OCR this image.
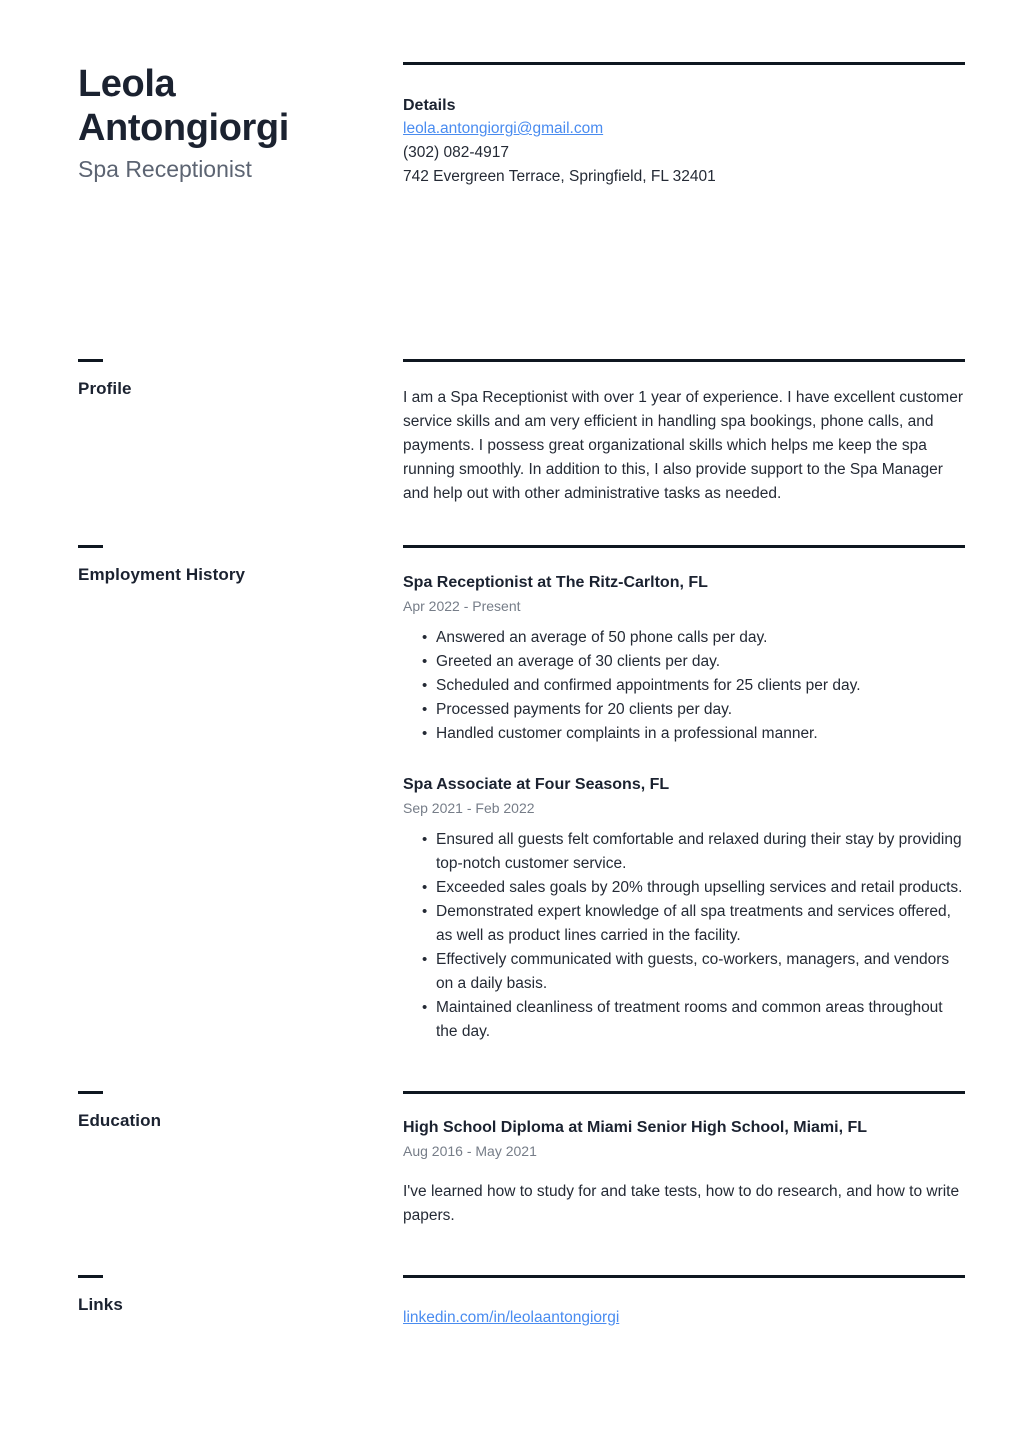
Leola
Antongiorgi
Spa Receptionist
Details
leola.antongiorgi@gmail.com
(302) 082-4917
742 Evergreen Terrace, Springfield, FL 32401
Profile	I am a Spa Receptionist with over 1 year of experience. I have excellent customer service skills and am very efficient in handling spa bookings, phone calls, and payments. I possess great organizational skills which helps me keep the spa running smoothly. In addition to this, I also provide support to the Spa Manager and help out with other administrative tasks as needed.
Employment History	Spa Receptionist at The Ritz-Carlton, FL
Apr 2022 - Present
• Answered an average of 50 phone calls per day.
• Greeted an average of 30 clients per day.
• Scheduled and confirmed appointments for 25 clients per day.
• Processed payments for 20 clients per day.
• Handled customer complaints in a professional manner.
Spa Associate at Four Seasons, FL
Sep 2021 - Feb 2022
• Ensured all guests felt comfortable and relaxed during their stay by providing top-notch customer service.
• Exceeded sales goals by 20% through upselling services and retail products.
• Demonstrated expert knowledge of all spa treatments and services offered, as well as product lines carried in the facility.
• Effectively communicated with guests, co-workers, managers, and vendors on a daily basis.
• Maintained cleanliness of treatment rooms and common areas throughout the day.
Education	High School Diploma at Miami Senior High School, Miami, FL
Aug 2016 - May 2021
I've learned how to study for and take tests, how to do research, and how to write papers.
Links
linkedin.com/in/leolaantongiorgi
